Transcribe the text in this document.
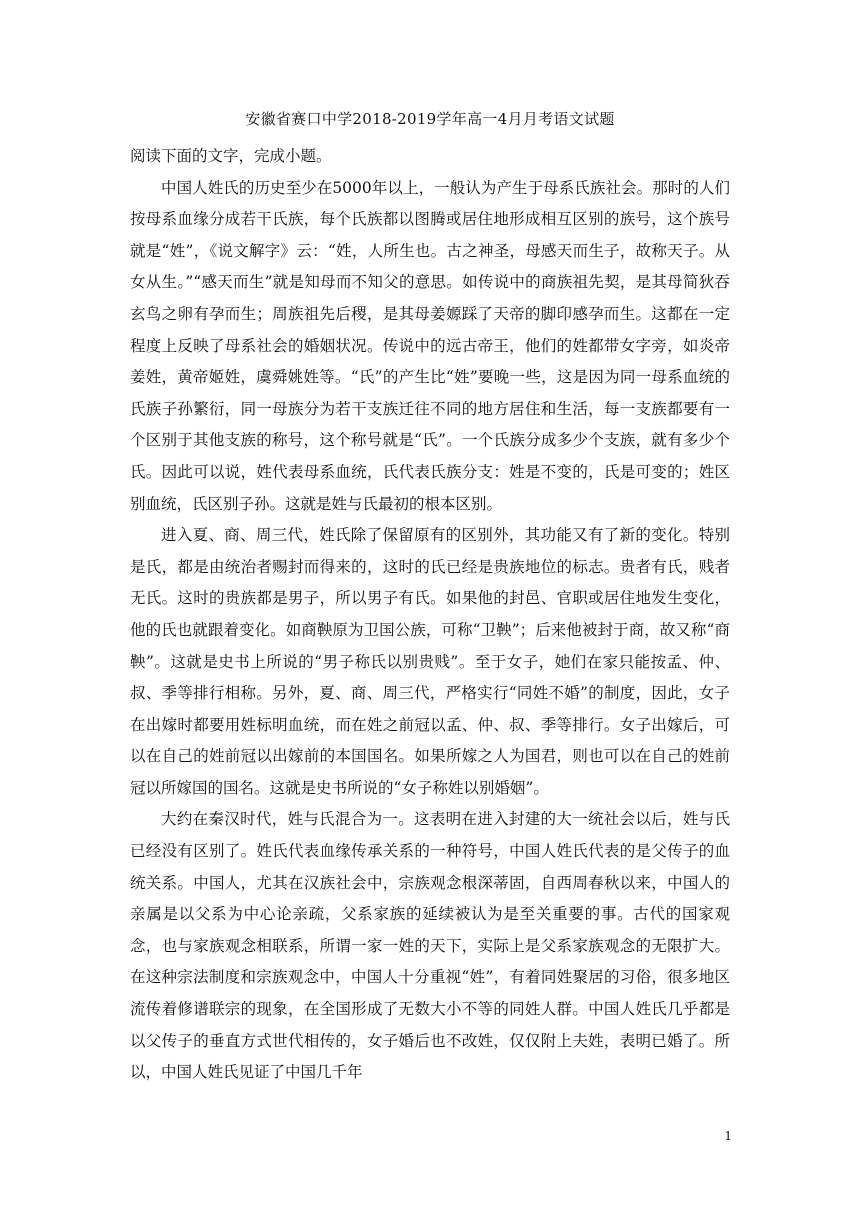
安徽省赛口中学2018-2019学年高一4月月考语文试题

阅读下面的文字，完成小题。

中国人姓氏的历史至少在5000年以上，一般认为产生于母系氏族社会。那时的人们按母系血缘分成若干氏族，每个氏族都以图腾或居住地形成相互区别的族号，这个族号就是“姓”，《说文解字》云：“姓，人所生也。古之神圣，母感天而生子，故称天子。从女从生。”“感天而生”就是知母而不知父的意思。如传说中的商族祖先契，是其母简狄吞玄鸟之卵有孕而生；周族祖先后稷，是其母姜嫄踩了天帝的脚印感孕而生。这都在一定程度上反映了母系社会的婚姻状况。传说中的远古帝王，他们的姓都带女字旁，如炎帝姜姓，黄帝姬姓，虞舜姚姓等。“氏”的产生比“姓”要晚一些，这是因为同一母系血统的氏族子孙繁衍，同一母族分为若干支族迁往不同的地方居住和生活，每一支族都要有一个区别于其他支族的称号，这个称号就是“氏”。一个氏族分成多少个支族，就有多少个氏。因此可以说，姓代表母系血统，氏代表氏族分支：姓是不变的，氏是可变的；姓区别血统，氏区别子孙。这就是姓与氏最初的根本区别。

进入夏、商、周三代，姓氏除了保留原有的区别外，其功能又有了新的变化。特别是氏，都是由统治者赐封而得来的，这时的氏已经是贵族地位的标志。贵者有氏，贱者无氏。这时的贵族都是男子，所以男子有氏。如果他的封邑、官职或居住地发生变化，他的氏也就跟着变化。如商鞅原为卫国公族，可称“卫鞅”；后来他被封于商，故又称“商鞅”。这就是史书上所说的“男子称氏以别贵贱”。至于女子，她们在家只能按孟、仲、叔、季等排行相称。另外，夏、商、周三代，严格实行“同姓不婚”的制度，因此，女子在出嫁时都要用姓标明血统，而在姓之前冠以孟、仲、叔、季等排行。女子出嫁后，可以在自己的姓前冠以出嫁前的本国国名。如果所嫁之人为国君，则也可以在自己的姓前冠以所嫁国的国名。这就是史书所说的“女子称姓以别婚姻”。

大约在秦汉时代，姓与氏混合为一。这表明在进入封建的大一统社会以后，姓与氏已经没有区别了。姓氏代表血缘传承关系的一种符号，中国人姓氏代表的是父传子的血统关系。中国人，尤其在汉族社会中，宗族观念根深蒂固，自西周春秋以来，中国人的亲属是以父系为中心论亲疏，父系家族的延续被认为是至关重要的事。古代的国家观念，也与家族观念相联系，所谓一家一姓的天下，实际上是父系家族观念的无限扩大。在这种宗法制度和宗族观念中，中国人十分重视“姓”，有着同姓聚居的习俗，很多地区流传着修谱联宗的现象，在全国形成了无数大小不等的同姓人群。中国人姓氏几乎都是以父传子的垂直方式世代相传的，女子婚后也不改姓，仅仅附上夫姓，表明已婚了。所以，中国人姓氏见证了中国几千年

1
